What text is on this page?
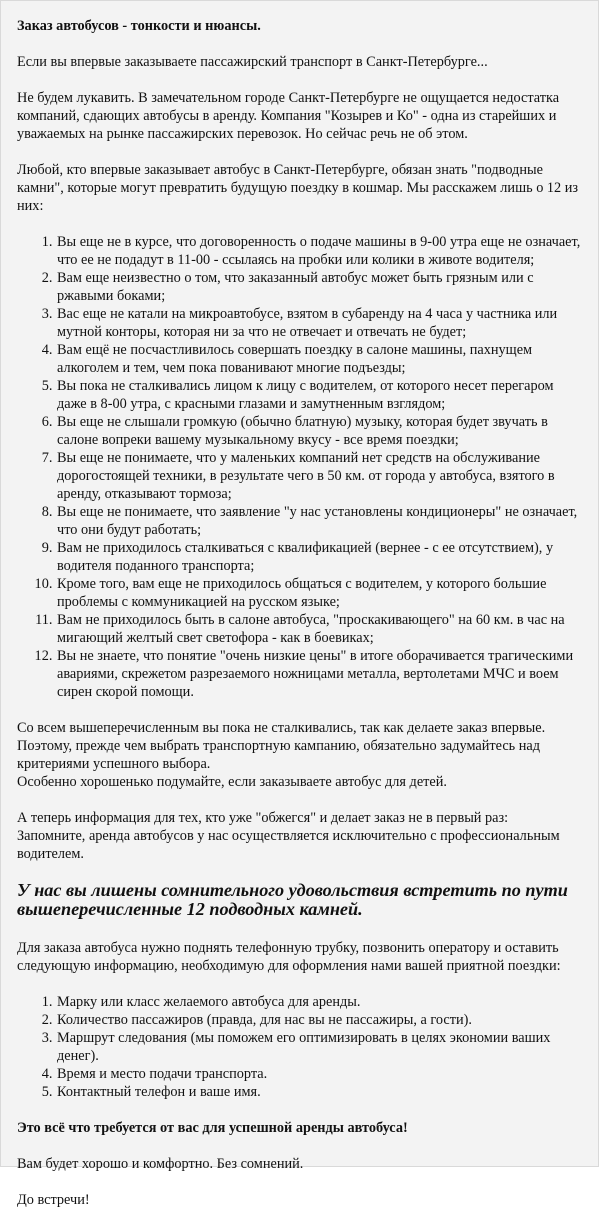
Заказ автобусов - тонкости и нюансы.

Если вы впервые заказываете пассажирский транспорт в Санкт-Петербурге...

Не будем лукавить. В замечательном городе Санкт-Петербурге не ощущается недостатка компаний, сдающих автобусы в аренду. Компания "Козырев и Ко" - одна из старейших и уважаемых на рынке пассажирских перевозок. Но сейчас речь не об этом.

Любой, кто впервые заказывает автобус в Санкт-Петербурге, обязан знать "подводные камни", которые могут превратить будущую поездку в кошмар. Мы расскажем лишь о 12 из них:

1. Вы еще не в курсе, что договоренность о подаче машины в 9-00 утра еще не означает, что ее не подадут в 11-00 - ссылаясь на пробки или колики в животе водителя;
2. Вам еще неизвестно о том, что заказанный автобус может быть грязным или с ржавыми боками;
3. Вас еще не катали на микроавтобусе, взятом в субаренду на 4 часа у частника или мутной конторы, которая ни за что не отвечает и отвечать не будет;
4. Вам ещё не посчастливилось совершать поездку в салоне машины, пахнущем алкоголем и тем, чем пока пованивают многие подъезды;
5. Вы пока не сталкивались лицом к лицу с водителем, от которого несет перегаром даже в 8-00 утра, с красными глазами и замутненным взглядом;
6. Вы еще не слышали громкую (обычно блатную) музыку, которая будет звучать в салоне вопреки вашему музыкальному вкусу - все время поездки;
7. Вы еще не понимаете, что у маленьких компаний нет средств на обслуживание дорогостоящей техники, в результате чего в 50 км. от города у автобуса, взятого в аренду, отказывают тормоза;
8. Вы еще не понимаете, что заявление "у нас установлены кондиционеры" не означает, что они будут работать;
9. Вам не приходилось сталкиваться с квалификацией (вернее - с ее отсутствием), у водителя поданного транспорта;
10. Кроме того, вам еще не приходилось общаться с водителем, у которого большие проблемы с коммуникацией на русском языке;
11. Вам не приходилось быть в салоне автобуса, "проскакивающего" на 60 км. в час на мигающий желтый свет светофора - как в боевиках;
12. Вы не знаете, что понятие "очень низкие цены" в итоге оборачивается трагическими авариями, скрежетом разрезаемого ножницами металла, вертолетами МЧС и воем сирен скорой помощи.

Со всем вышеперечисленным вы пока не сталкивались, так как делаете заказ впервые. Поэтому, прежде чем выбрать транспортную кампанию, обязательно задумайтесь над критериями успешного выбора.
Особенно хорошенько подумайте, если заказываете автобус для детей.

А теперь информация для тех, кто уже "обжегся" и делает заказ не в первый раз:
Запомните, аренда автобусов у нас осуществляется исключительно с профессиональным водителем.

У нас вы лишены сомнительного удовольствия встретить по пути вышеперечисленные 12 подводных камней.

Для заказа автобуса нужно поднять телефонную трубку, позвонить оператору и оставить следующую информацию, необходимую для оформления нами вашей приятной поездки:

1. Марку или класс желаемого автобуса для аренды.
2. Количество пассажиров (правда, для нас вы не пассажиры, а гости).
3. Маршрут следования (мы поможем его оптимизировать в целях экономии ваших денег).
4. Время и место подачи транспорта.
5. Контактный телефон и ваше имя.

Это всё что требуется от вас для успешной аренды автобуса!

Вам будет хорошо и комфортно. Без сомнений.

До встречи!
